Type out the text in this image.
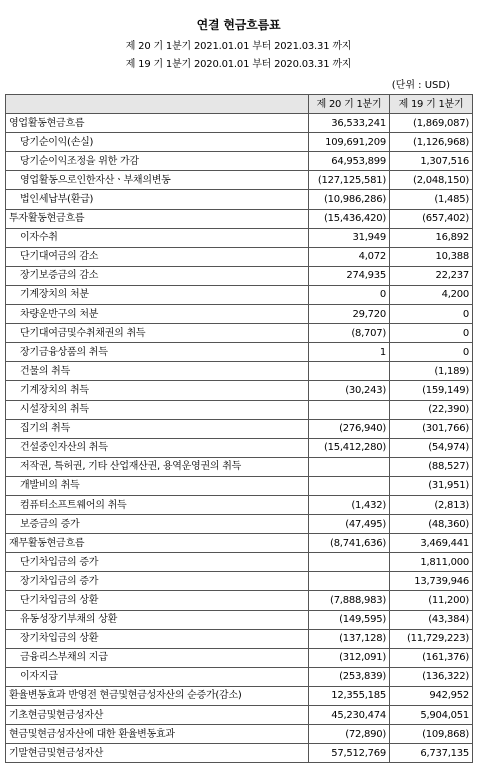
연결 현금흐름표
제 20 기 1분기 2021.01.01 부터 2021.03.31 까지
제 19 기 1분기 2020.01.01 부터 2020.03.31 까지
(단위 : USD)
	제 20 기 1분기	제 19 기 1분기
영업활동현금흐름	36,533,241	(1,869,087)
당기순이익(손실)	109,691,209	(1,126,968)
당기순이익조정을 위한 가감	64,953,899	1,307,516
영업활동으로인한자산ㆍ부채의변동	(127,125,581)	(2,048,150)
법인세납부(환급)	(10,986,286)	(1,485)
투자활동현금흐름	(15,436,420)	(657,402)
이자수취	31,949	16,892
단기대여금의 감소	4,072	10,388
장기보증금의 감소	274,935	22,237
기계장치의 처분	0	4,200
차량운반구의 처분	29,720	0
단기대여금및수취채권의 취득	(8,707)	0
장기금융상품의 취득	1	0
건물의 취득		(1,189)
기계장치의 취득	(30,243)	(159,149)
시설장치의 취득		(22,390)
집기의 취득	(276,940)	(301,766)
건설중인자산의 취득	(15,412,280)	(54,974)
저작권, 특허권, 기타 산업재산권, 용역운영권의 취득		(88,527)
개발비의 취득		(31,951)
컴퓨터소프트웨어의 취득	(1,432)	(2,813)
보증금의 증가	(47,495)	(48,360)
재무활동현금흐름	(8,741,636)	3,469,441
단기차입금의 증가		1,811,000
장기차입금의 증가		13,739,946
단기차입금의 상환	(7,888,983)	(11,200)
유동성장기부채의 상환	(149,595)	(43,384)
장기차입금의 상환	(137,128)	(11,729,223)
금융리스부채의 지급	(312,091)	(161,376)
이자지급	(253,839)	(136,322)
환율변동효과 반영전 현금및현금성자산의 순증가(감소)	12,355,185	942,952
기초현금및현금성자산	45,230,474	5,904,051
현금및현금성자산에 대한 환율변동효과	(72,890)	(109,868)
기말현금및현금성자산	57,512,769	6,737,135
